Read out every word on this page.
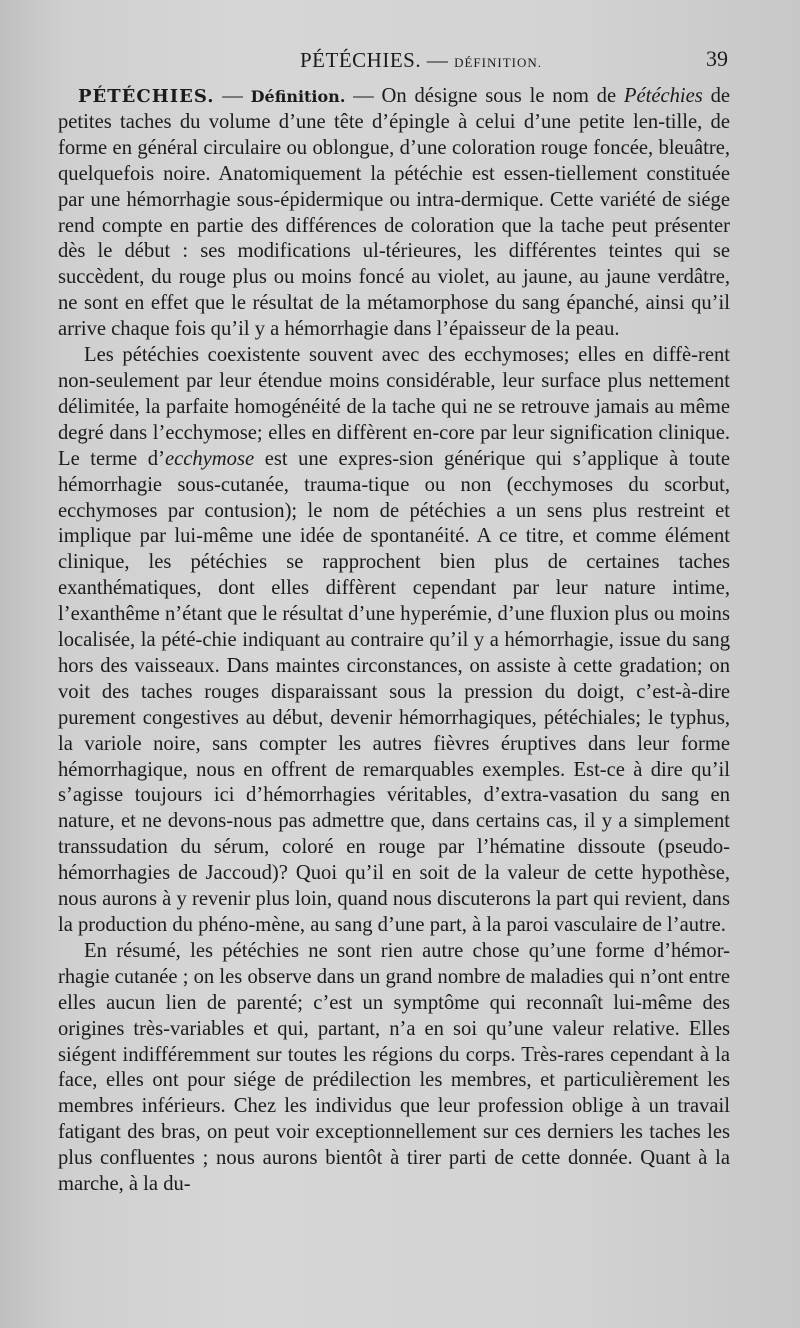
PÉTÉCHIES. — DÉFINITION.	39

PÉTÉCHIES. — Définition. — On désigne sous le nom de Pétéchies de petites taches du volume d’une tête d’épingle à celui d’une petite len-tille, de forme en général circulaire ou oblongue, d’une coloration rouge foncée, bleuâtre, quelquefois noire. Anatomiquement la pétéchie est essen-tiellement constituée par une hémorrhagie sous-épidermique ou intra-dermique. Cette variété de siége rend compte en partie des différences de coloration que la tache peut présenter dès le début : ses modifications ul-térieures, les différentes teintes qui se succèdent, du rouge plus ou moins foncé au violet, au jaune, au jaune verdâtre, ne sont en effet que le résultat de la métamorphose du sang épanché, ainsi qu’il arrive chaque fois qu’il y a hémorrhagie dans l’épaisseur de la peau.

Les pétéchies coexistente souvent avec des ecchymoses; elles en diffè-rent non-seulement par leur étendue moins considérable, leur surface plus nettement délimitée, la parfaite homogénéité de la tache qui ne se retrouve jamais au même degré dans l’ecchymose; elles en diffèrent en-core par leur signification clinique. Le terme d’ecchymose est une expres-sion générique qui s’applique à toute hémorrhagie sous-cutanée, trauma-tique ou non (ecchymoses du scorbut, ecchymoses par contusion); le nom de pétéchies a un sens plus restreint et implique par lui-même une idée de spontanéité. A ce titre, et comme élément clinique, les pétéchies se rapprochent bien plus de certaines taches exanthématiques, dont elles diffèrent cependant par leur nature intime, l’exanthême n’étant que le résultat d’une hyperémie, d’une fluxion plus ou moins localisée, la pété-chie indiquant au contraire qu’il y a hémorrhagie, issue du sang hors des vaisseaux. Dans maintes circonstances, on assiste à cette gradation; on voit des taches rouges disparaissant sous la pression du doigt, c’est-à-dire purement congestives au début, devenir hémorrhagiques, pétéchiales; le typhus, la variole noire, sans compter les autres fièvres éruptives dans leur forme hémorrhagique, nous en offrent de remarquables exemples. Est-ce à dire qu’il s’agisse toujours ici d’hémorrhagies véritables, d’extra-vasation du sang en nature, et ne devons-nous pas admettre que, dans certains cas, il y a simplement transsudation du sérum, coloré en rouge par l’hématine dissoute (pseudo-hémorrhagies de Jaccoud)? Quoi qu’il en soit de la valeur de cette hypothèse, nous aurons à y revenir plus loin, quand nous discuterons la part qui revient, dans la production du phéno-mène, au sang d’une part, à la paroi vasculaire de l’autre.

En résumé, les pétéchies ne sont rien autre chose qu’une forme d’hémor-rhagie cutanée ; on les observe dans un grand nombre de maladies qui n’ont entre elles aucun lien de parenté; c’est un symptôme qui reconnaît lui-même des origines très-variables et qui, partant, n’a en soi qu’une valeur relative. Elles siégent indifféremment sur toutes les régions du corps. Très-rares cependant à la face, elles ont pour siége de prédilection les membres, et particulièrement les membres inférieurs. Chez les individus que leur profession oblige à un travail fatigant des bras, on peut voir exceptionnellement sur ces derniers les taches les plus confluentes ; nous aurons bientôt à tirer parti de cette donnée. Quant à la marche, à la du-
